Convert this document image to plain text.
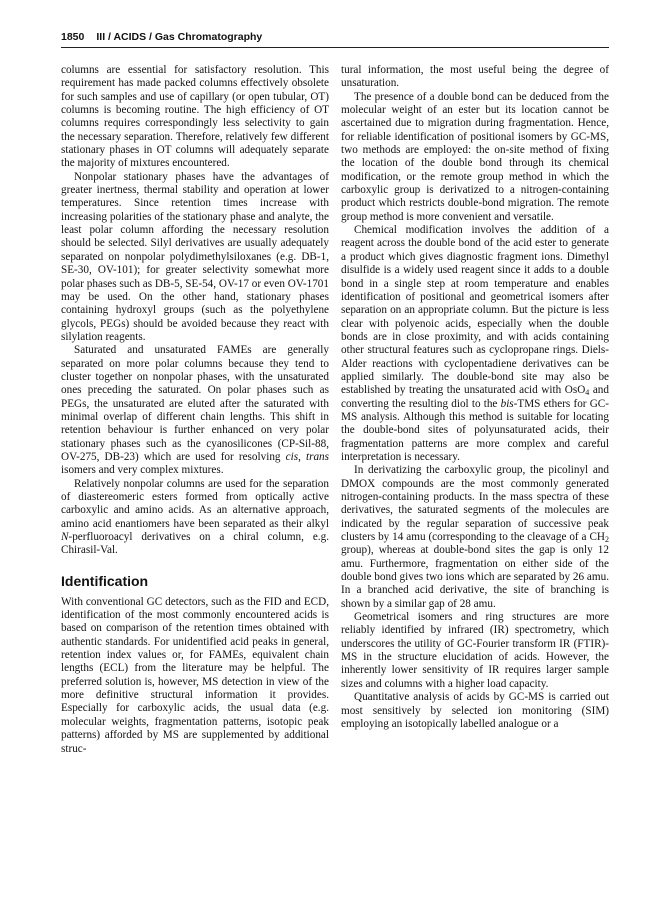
1850 III / ACIDS / Gas Chromatography

columns are essential for satisfactory resolution. This requirement has made packed columns effectively obsolete for such samples and use of capillary (or open tubular, OT) columns is becoming routine. The high efficiency of OT columns requires correspondingly less selectivity to gain the necessary separation. Therefore, relatively few different stationary phases in OT columns will adequately separate the majority of mixtures encountered.

Nonpolar stationary phases have the advantages of greater inertness, thermal stability and operation at lower temperatures. Since retention times increase with increasing polarities of the stationary phase and analyte, the least polar column affording the necessary resolution should be selected. Silyl derivatives are usually adequately separated on nonpolar polydimethylsiloxanes (e.g. DB-1, SE-30, OV-101); for greater selectivity somewhat more polar phases such as DB-5, SE-54, OV-17 or even OV-1701 may be used. On the other hand, stationary phases containing hydroxyl groups (such as the polyethylene glycols, PEGs) should be avoided because they react with silylation reagents.

Saturated and unsaturated FAMEs are generally separated on more polar columns because they tend to cluster together on nonpolar phases, with the unsaturated ones preceding the saturated. On polar phases such as PEGs, the unsaturated are eluted after the saturated with minimal overlap of different chain lengths. This shift in retention behaviour is further enhanced on very polar stationary phases such as the cyanosilicones (CP-Sil-88, OV-275, DB-23) which are used for resolving cis, trans isomers and very complex mixtures.

Relatively nonpolar columns are used for the separation of diastereomeric esters formed from optically active carboxylic and amino acids. As an alternative approach, amino acid enantiomers have been separated as their alkyl N-perfluoroacyl derivatives on a chiral column, e.g. Chirasil-Val.

Identification

With conventional GC detectors, such as the FID and ECD, identification of the most commonly encountered acids is based on comparison of the retention times obtained with authentic standards. For unidentified acid peaks in general, retention index values or, for FAMEs, equivalent chain lengths (ECL) from the literature may be helpful. The preferred solution is, however, MS detection in view of the more definitive structural information it provides. Especially for carboxylic acids, the usual data (e.g. molecular weights, fragmentation patterns, isotopic peak patterns) afforded by MS are supplemented by additional struc-

tural information, the most useful being the degree of unsaturation.

The presence of a double bond can be deduced from the molecular weight of an ester but its location cannot be ascertained due to migration during fragmentation. Hence, for reliable identification of positional isomers by GC-MS, two methods are employed: the on-site method of fixing the location of the double bond through its chemical modification, or the remote group method in which the carboxylic group is derivatized to a nitrogen-containing product which restricts double-bond migration. The remote group method is more convenient and versatile.

Chemical modification involves the addition of a reagent across the double bond of the acid ester to generate a product which gives diagnostic fragment ions. Dimethyl disulfide is a widely used reagent since it adds to a double bond in a single step at room temperature and enables identification of positional and geometrical isomers after separation on an appropriate column. But the picture is less clear with polyenoic acids, especially when the double bonds are in close proximity, and with acids containing other structural features such as cyclopropane rings. Diels-Alder reactions with cyclopentadiene derivatives can be applied similarly. The double-bond site may also be established by treating the unsaturated acid with OsO$_4$ and converting the resulting diol to the bis-TMS ethers for GC-MS analysis. Although this method is suitable for locating the double-bond sites of polyunsaturated acids, their fragmentation patterns are more complex and careful interpretation is necessary.

In derivatizing the carboxylic group, the picolinyl and DMOX compounds are the most commonly generated nitrogen-containing products. In the mass spectra of these derivatives, the saturated segments of the molecules are indicated by the regular separation of successive peak clusters by 14 amu (corresponding to the cleavage of a $CH_2$ group), whereas at double-bond sites the gap is only 12 amu. Furthermore, fragmentation on either side of the double bond gives two ions which are separated by 26 amu. In a branched acid derivative, the site of branching is shown by a similar gap of 28 amu.

Geometrical isomers and ring structures are more reliably identified by infrared (IR) spectrometry, which underscores the utility of GC-Fourier transform IR (FTIR)-MS in the structure elucidation of acids. However, the inherently lower sensitivity of IR requires larger sample sizes and columns with a higher load capacity.

Quantitative analysis of acids by GC-MS is carried out most sensitively by selected ion monitoring (SIM) employing an isotopically labelled analogue or a
